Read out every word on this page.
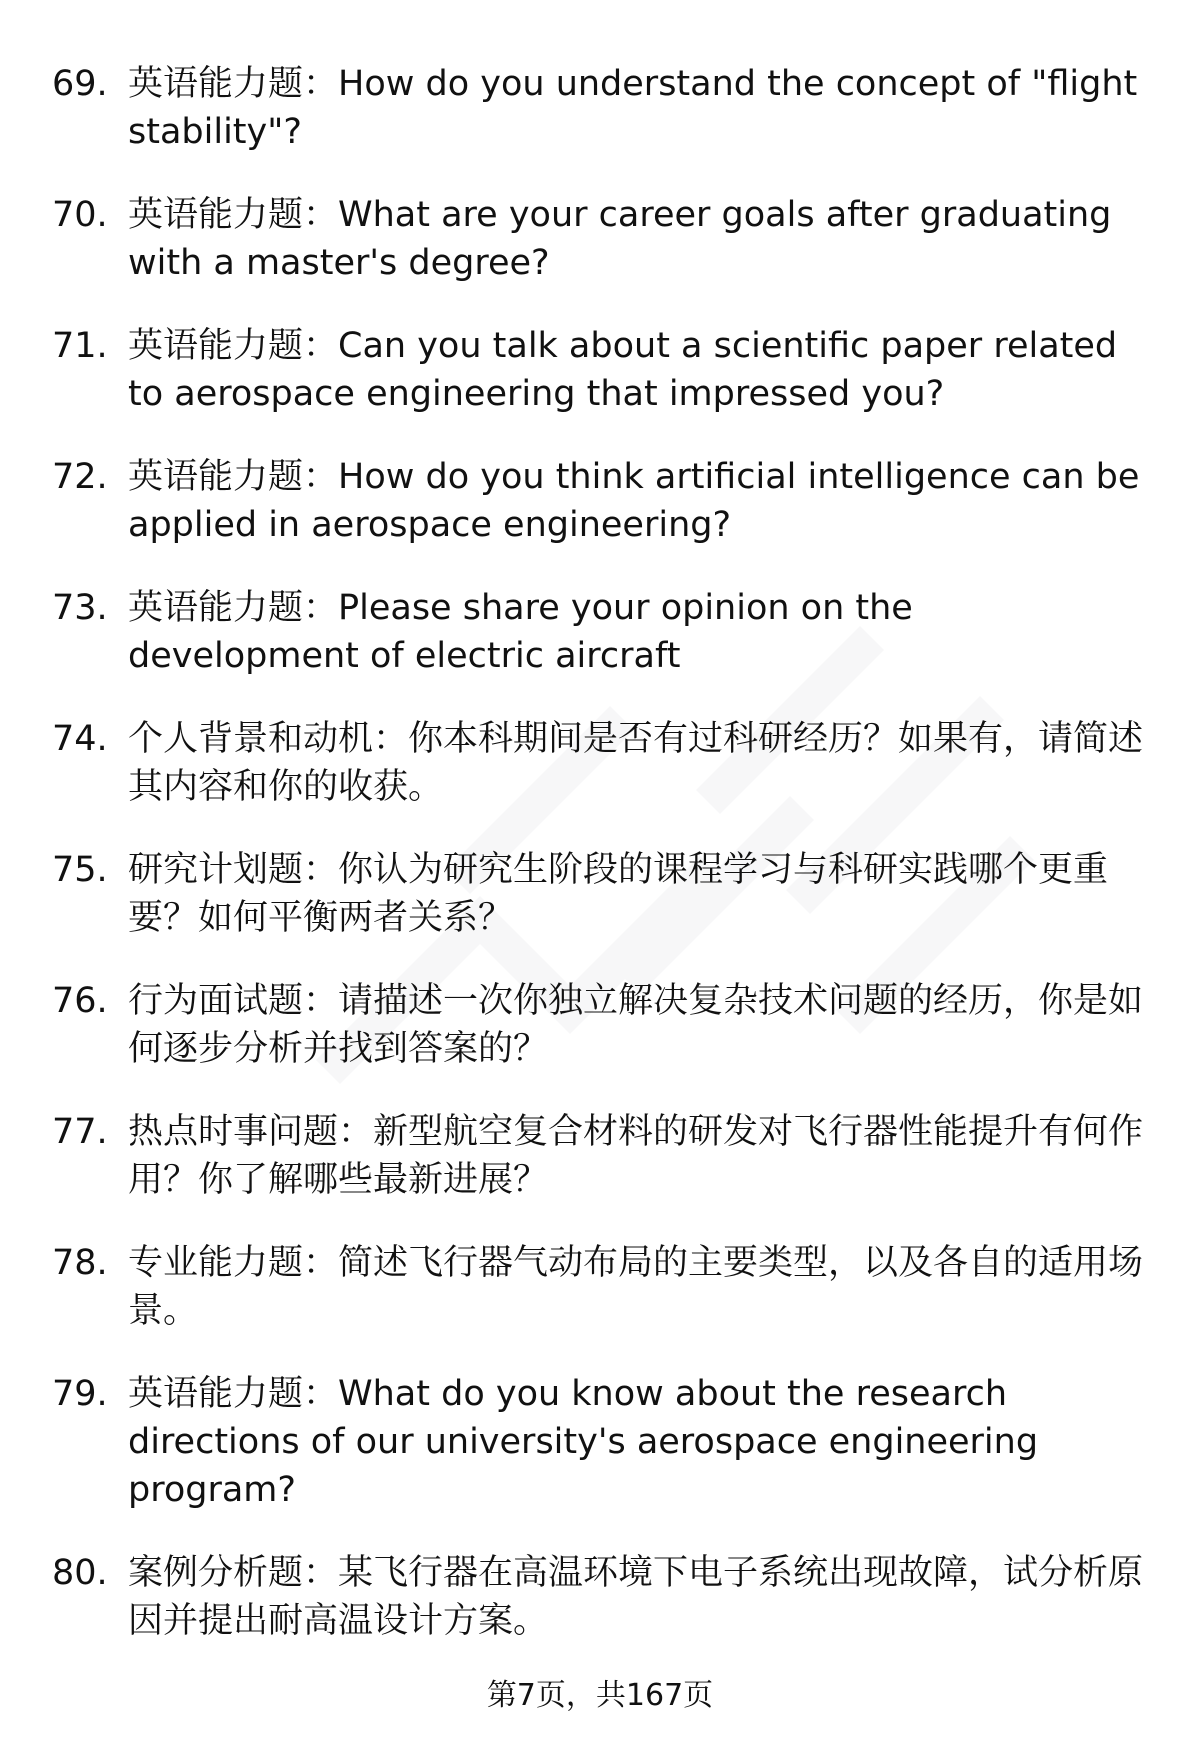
69. 英语能力题：How do you understand the concept of "flight stability"?
70. 英语能力题：What are your career goals after graduating with a master's degree?
71. 英语能力题：Can you talk about a scientific paper related to aerospace engineering that impressed you?
72. 英语能力题：How do you think artificial intelligence can be applied in aerospace engineering?
73. 英语能力题：Please share your opinion on the development of electric aircraft
74. 个人背景和动机：你本科期间是否有过科研经历？如果有，请简述其内容和你的收获。
75. 研究计划题：你认为研究生阶段的课程学习与科研实践哪个更重要？如何平衡两者关系？
76. 行为面试题：请描述一次你独立解决复杂技术问题的经历，你是如何逐步分析并找到答案的？
77. 热点时事问题：新型航空复合材料的研发对飞行器性能提升有何作用？你了解哪些最新进展？
78. 专业能力题：简述飞行器气动布局的主要类型，以及各自的适用场景。
79. 英语能力题：What do you know about the research directions of our university's aerospace engineering program?
80. 案例分析题：某飞行器在高温环境下电子系统出现故障，试分析原因并提出耐高温设计方案。
第7页，共167页
